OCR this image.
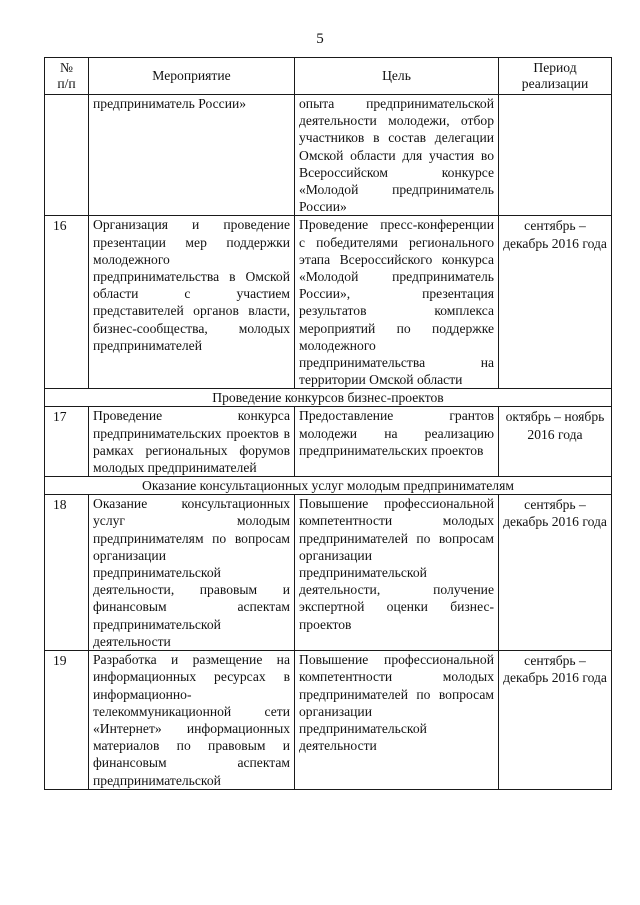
5
№ п/п	Мероприятие	Цель	Период реализации
	предприниматель России»	опыта предпринимательской деятельности молодежи, отбор участников в состав делегации Омской области для участия во Всероссийском конкурсе «Молодой предприниматель России»	
16	Организация и проведение презентации мер поддержки молодежного предпринимательства в Омской области с участием представителей органов власти, бизнес-сообщества, молодых предпринимателей	Проведение пресс-конференции с победителями регионального этапа Всероссийского конкурса «Молодой предприниматель России», презентация результатов комплекса мероприятий по поддержке молодежного предпринимательства на территории Омской области	сентябрь – декабрь 2016 года
Проведение конкурсов бизнес-проектов			
17	Проведение конкурса предпринимательских проектов в рамках региональных форумов молодых предпринимателей	Предоставление грантов молодежи на реализацию предпринимательских проектов	октябрь – ноябрь 2016 года
Оказание консультационных услуг молодым предпринимателям			
18	Оказание консультационных услуг молодым предпринимателям по вопросам организации предпринимательской деятельности, правовым и финансовым аспектам предпринимательской деятельности	Повышение профессиональной компетентности молодых предпринимателей по вопросам организации предпринимательской деятельности, получение экспертной оценки бизнес-проектов	сентябрь – декабрь 2016 года
19	Разработка и размещение на информационных ресурсах в информационно-телекоммуникационной сети «Интернет» информационных материалов по правовым и финансовым аспектам предпринимательской	Повышение профессиональной компетентности молодых предпринимателей по вопросам организации предпринимательской деятельности	сентябрь – декабрь 2016 года
